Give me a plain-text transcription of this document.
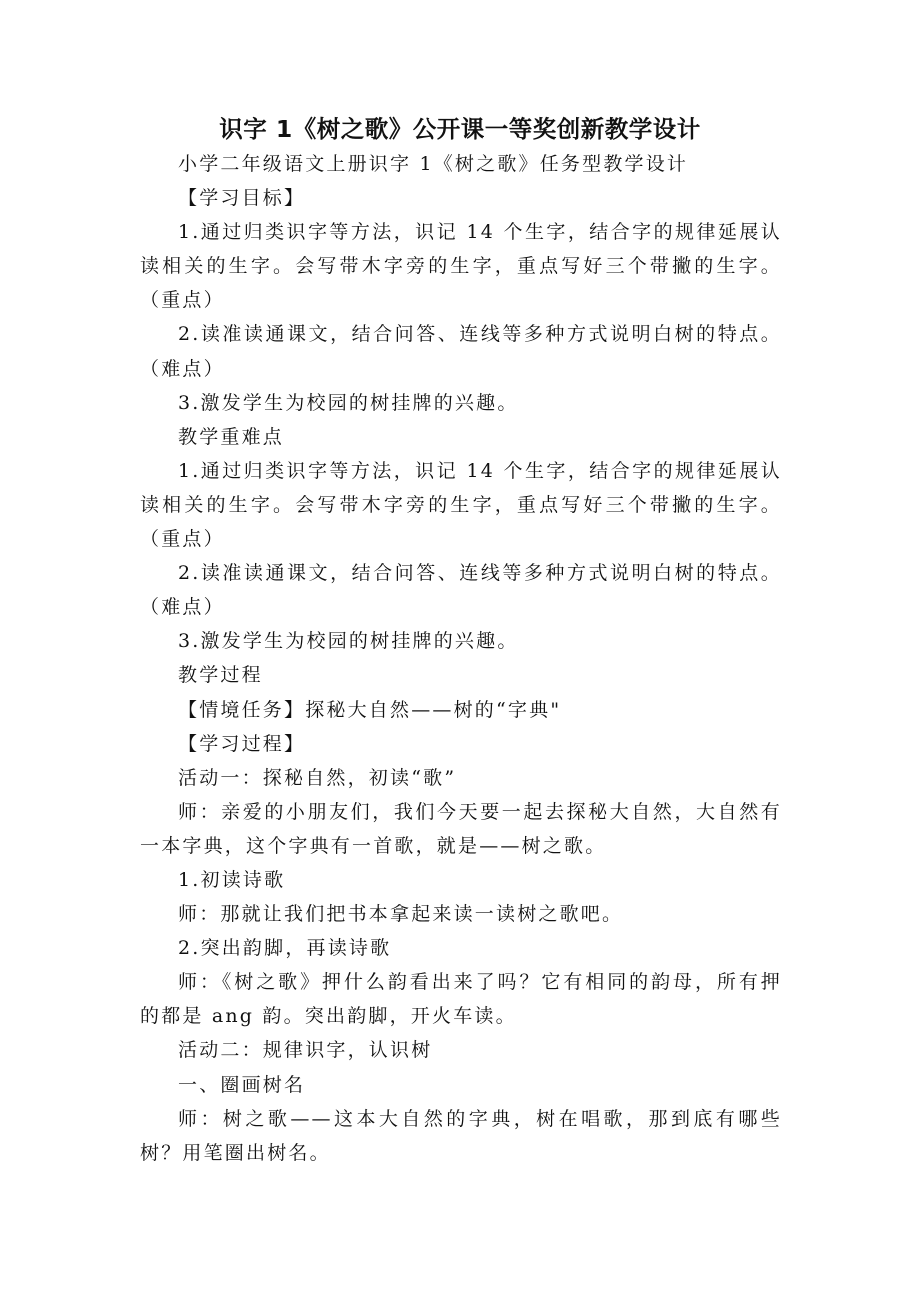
识字 1《树之歌》公开课一等奖创新教学设计

小学二年级语文上册识字 1《树之歌》任务型教学设计

【学习目标】

1.通过归类识字等方法，识记 14 个生字，结合字的规律延展认读相关的生字。会写带木字旁的生字，重点写好三个带撇的生字。（重点）

2.读准读通课文，结合问答、连线等多种方式说明白树的特点。（难点）

3.激发学生为校园的树挂牌的兴趣。

教学重难点

1.通过归类识字等方法，识记 14 个生字，结合字的规律延展认读相关的生字。会写带木字旁的生字，重点写好三个带撇的生字。（重点）

2.读准读通课文，结合问答、连线等多种方式说明白树的特点。（难点）

3.激发学生为校园的树挂牌的兴趣。

教学过程

【情境任务】探秘大自然——树的“字典"

【学习过程】

活动一：探秘自然，初读“歌”

师：亲爱的小朋友们，我们今天要一起去探秘大自然，大自然有一本字典，这个字典有一首歌，就是——树之歌。

1.初读诗歌

师：那就让我们把书本拿起来读一读树之歌吧。

2.突出韵脚，再读诗歌

师：《树之歌》押什么韵看出来了吗？它有相同的韵母，所有押的都是 ang 韵。突出韵脚，开火车读。

活动二：规律识字，认识树

一、圈画树名

师：树之歌——这本大自然的字典，树在唱歌，那到底有哪些树？用笔圈出树名。
